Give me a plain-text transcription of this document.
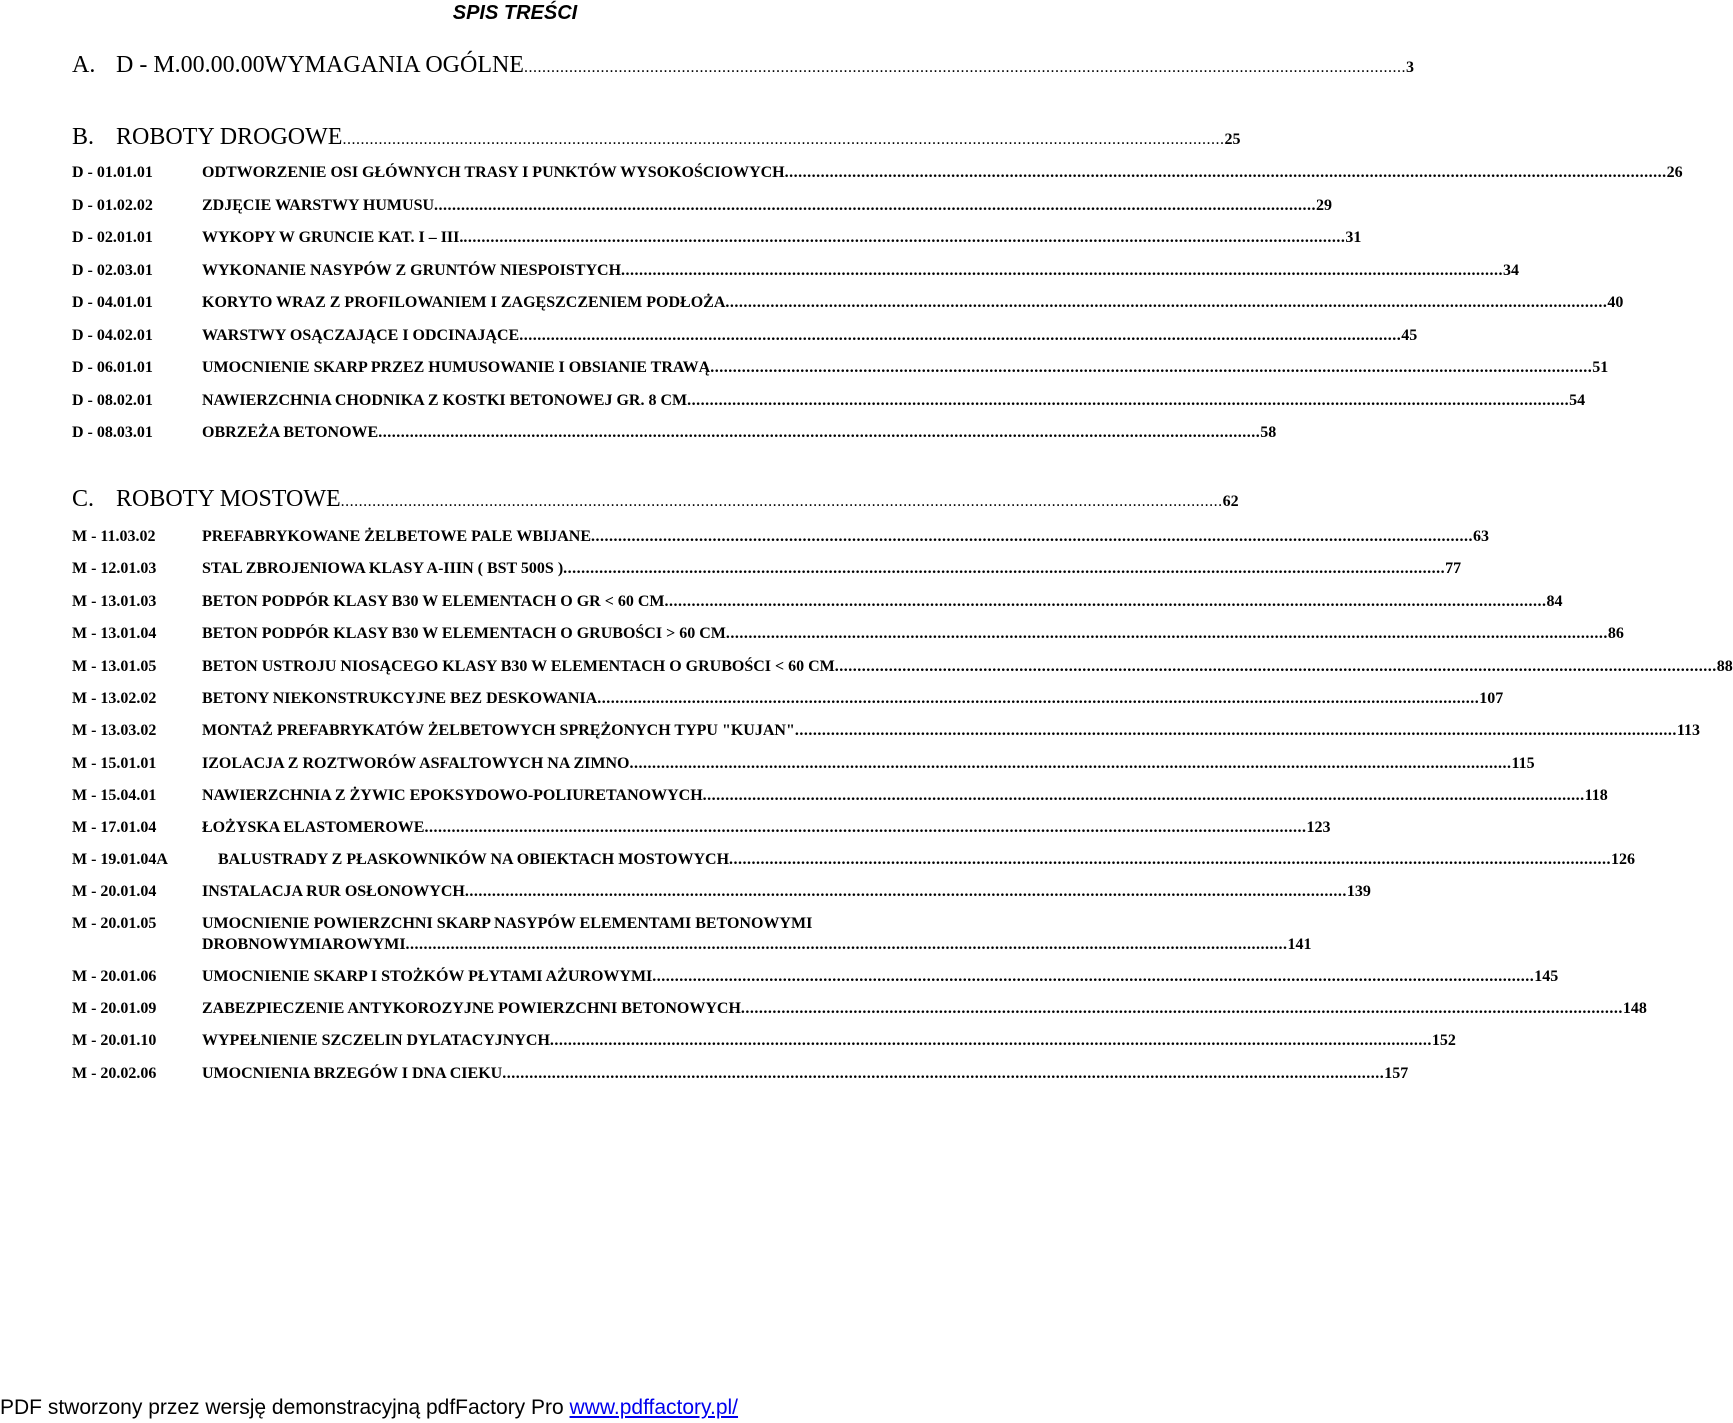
SPIS TREŚCI
A. D - M.00.00.00WYMAGANIA OGÓLNE .....	3
B. ROBOTY DROGOWE .....	25
D - 01.01.01	ODTWORZENIE OSI GŁÓWNYCH TRASY I PUNKTÓW WYSOKOŚCIOWYCH .....	26
D - 01.02.02	ZDJĘCIE WARSTWY HUMUSU .....	29
D - 02.01.01	WYKOPY W GRUNCIE KAT. I – III. .....	31
D - 02.03.01	WYKONANIE NASYPÓW Z GRUNTÓW NIESPOISTYCH .....	34
D - 04.01.01	KORYTO WRAZ Z PROFILOWANIEM I ZAGĘSZCZENIEM PODŁOŻA .....	40
D - 04.02.01	WARSTWY OSĄCZAJĄCE I ODCINAJĄCE .....	45
D - 06.01.01	UMOCNIENIE SKARP PRZEZ HUMUSOWANIE I OBSIANIE TRAWĄ .....	51
D - 08.02.01	NAWIERZCHNIA CHODNIKA Z KOSTKI BETONOWEJ GR. 8 CM .....	54
D - 08.03.01	OBRZEŻA BETONOWE .....	58
C. ROBOTY MOSTOWE .....	62
M - 11.03.02	PREFABRYKOWANE ŻELBETOWE PALE WBIJANE .....	63
M - 12.01.03	STAL ZBROJENIOWA KLASY A-IIIN ( BST 500S ) .....	77
M - 13.01.03	BETON PODPÓR KLASY B30 W ELEMENTACH O GR < 60 CM .....	84
M - 13.01.04	BETON PODPÓR KLASY B30 W ELEMENTACH O GRUBOŚCI > 60 CM .....	86
M - 13.01.05	BETON USTROJU NIOSĄCEGO KLASY B30 W ELEMENTACH O GRUBOŚCI < 60 CM .....	88
M - 13.02.02	BETONY NIEKONSTRUKCYJNE BEZ DESKOWANIA .....	107
M - 13.03.02	MONTAŻ PREFABRYKATÓW ŻELBETOWYCH SPRĘŻONYCH TYPU "KUJAN" .....	113
M - 15.01.01	IZOLACJA Z ROZTWORÓW ASFALTOWYCH NA ZIMNO .....	115
M - 15.04.01	NAWIERZCHNIA Z ŻYWIC EPOKSYDOWO-POLIURETANOWYCH .....	118
M - 17.01.04	ŁOŻYSKA ELASTOMEROWE .....	123
M - 19.01.04A	BALUSTRADY Z PŁASKOWNIKÓW NA OBIEKTACH MOSTOWYCH .....	126
M - 20.01.04	INSTALACJA RUR OSŁONOWYCH .....	139
M - 20.01.05	UMOCNIENIE POWIERZCHNI SKARP NASYPÓW ELEMENTAMI BETONOWYMI
DROBNOWYMIAROWYMI .....	141
M - 20.01.06	UMOCNIENIE SKARP I STOŻKÓW PŁYTAMI AŻUROWYMI .....	145
M - 20.01.09	ZABEZPIECZENIE ANTYKOROZYJNE POWIERZCHNI BETONOWYCH .....	148
M - 20.01.10	WYPEŁNIENIE SZCZELIN DYLATACYJNYCH .....	152
M - 20.02.06	UMOCNIENIA BRZEGÓW I DNA CIEKU .....	157
PDF stworzony przez wersję demonstracyjną pdfFactory Pro www.pdffactory.pl/
